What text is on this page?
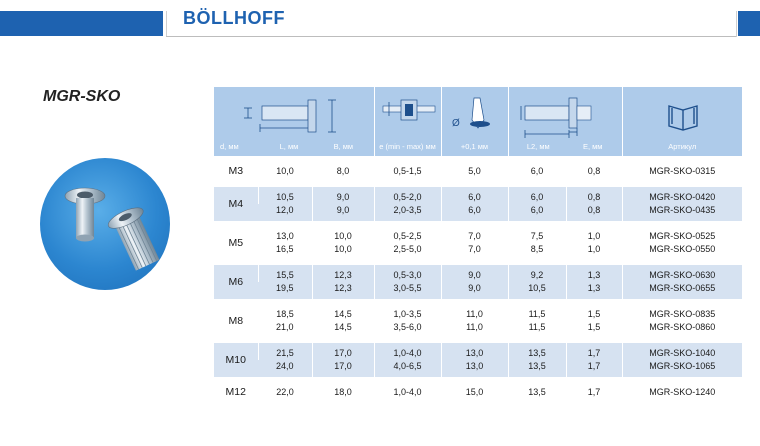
BÖLLHOFF
MGR-SKO
d, мм L, мм B, мм			e (min - max) мм	Ø
+0,1 мм	L2, мм E, мм		Артикул

M3	10,0	8,0	0,5-1,5	5,0	6,0	0,8	MGR-SKO-0315

M4	10,5	9,0	0,5-2,0	6,0	6,0	0,8	MGR-SKO-0420
	12,0	9,0	2,0-3,5	6,0	6,0	0,8	MGR-SKO-0435

M5	13,0	10,0	0,5-2,5	7,0	7,5	1,0	MGR-SKO-0525
	16,5	10,0	2,5-5,0	7,0	8,5	1,0	MGR-SKO-0550

M6	15,5	12,3	0,5-3,0	9,0	9,2	1,3	MGR-SKO-0630
	19,5	12,3	3,0-5,5	9,0	10,5	1,3	MGR-SKO-0655

M8	18,5	14,5	1,0-3,5	11,0	11,5	1,5	MGR-SKO-0835
	21,0	14,5	3,5-6,0	11,0	11,5	1,5	MGR-SKO-0860

M10	21,5	17,0	1,0-4,0	13,0	13,5	1,7	MGR-SKO-1040
	24,0	17,0	4,0-6,5	13,0	13,5	1,7	MGR-SKO-1065

M12	22,0	18,0	1,0-4,0	15,0	13,5	1,7	MGR-SKO-1240
